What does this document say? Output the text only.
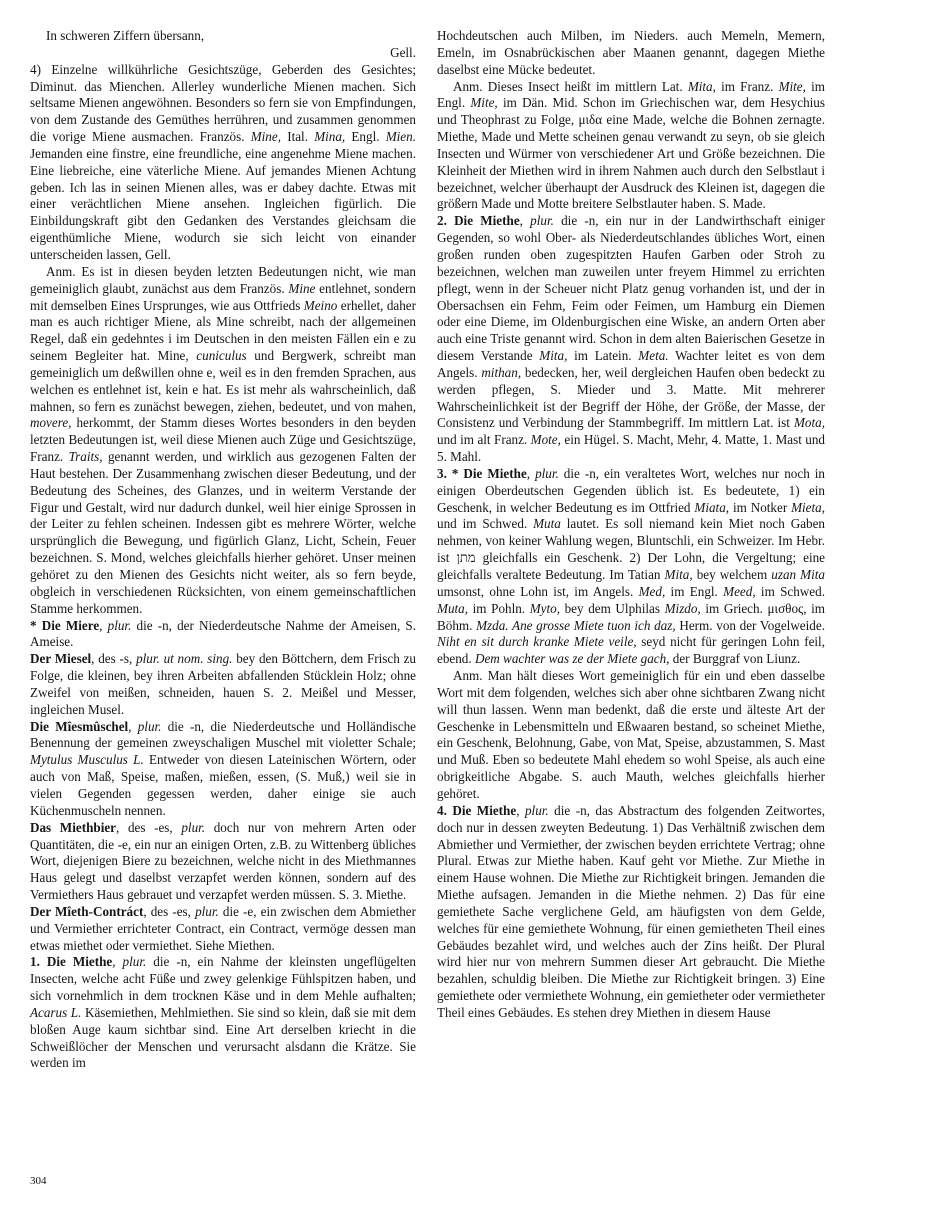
In schweren Ziffern übersann,

Gell.

4) Einzelne willkührliche Gesichtszüge, Geberden des Gesichtes; Diminut. das Mienchen. Allerley wunderliche Mienen machen. Sich seltsame Mienen angewöhnen. Besonders so fern sie von Empfindungen, von dem Zustande des Gemüthes herrühren, und zusammen genommen die vorige Miene ausmachen. Französ. Mine, Ital. Mina, Engl. Mien. Jemanden eine finstre, eine freundliche, eine angenehme Miene machen. Eine liebreiche, eine väterliche Miene. Auf jemandes Mienen Achtung geben. Ich las in seinen Mienen alles, was er dabey dachte. Etwas mit einer verächtlichen Miene ansehen. Ingleichen figürlich. Die Einbildungskraft gibt den Gedanken des Verstandes gleichsam die eigenthümliche Miene, wodurch sie sich leicht von einander unterscheiden lassen, Gell.

Anm. Es ist in diesen beyden letzten Bedeutungen nicht, wie man gemeiniglich glaubt, zunächst aus dem Französ. Mine entlehnet, sondern mit demselben Eines Ursprunges, wie aus Ottfrieds Meino erhellet, daher man es auch richtiger Miene, als Mine schreibt, nach der allgemeinen Regel, daß ein gedehntes i im Deutschen in den meisten Fällen ein e zu seinem Begleiter hat. Mine, cuniculus und Bergwerk, schreibt man gemeiniglich um deßwillen ohne e, weil es in den fremden Sprachen, aus welchen es entlehnet ist, kein e hat. Es ist mehr als wahrscheinlich, daß mahnen, so fern es zunächst bewegen, ziehen, bedeutet, und von mahen, movere, herkommt, der Stamm dieses Wortes besonders in den beyden letzten Bedeutungen ist, weil diese Mienen auch Züge und Gesichtszüge, Franz. Traits, genannt werden, und wirklich aus gezogenen Falten der Haut bestehen. Der Zusammenhang zwischen dieser Bedeutung, und der Bedeutung des Scheines, des Glanzes, und in weiterm Verstande der Figur und Gestalt, wird nur dadurch dunkel, weil hier einige Sprossen in der Leiter zu fehlen scheinen. Indessen gibt es mehrere Wörter, welche ursprünglich die Bewegung, und figürlich Glanz, Licht, Schein, Feuer bezeichnen. S. Mond, welches gleichfalls hierher gehöret. Unser meinen gehöret zu den Mienen des Gesichts nicht weiter, als so fern beyde, obgleich in verschiedenen Rücksichten, von einem gemeinschaftlichen Stamme herkommen.

* Die Miere, plur. die -n, der Niederdeutsche Nahme der Ameisen, S. Ameise.

Der Miesel, des -s, plur. ut nom. sing. bey den Böttchern, dem Frisch zu Folge, die kleinen, bey ihren Arbeiten abfallenden Stücklein Holz; ohne Zweifel von meißen, schneiden, hauen S. 2. Meißel und Messer, ingleichen Musel.

Die Mîesmûschel, plur. die -n, die Niederdeutsche und Holländische Benennung der gemeinen zweyschaligen Muschel mit violetter Schale; Mytulus Musculus L. Entweder von diesen Lateinischen Wörtern, oder auch von Maß, Speise, maßen, mießen, essen, (S. Muß,) weil sie in vielen Gegenden gegessen werden, daher einige sie auch Küchenmuscheln nennen.

Das Miethbier, des -es, plur. doch nur von mehrern Arten oder Quantitäten, die -e, ein nur an einigen Orten, z.B. zu Wittenberg übliches Wort, diejenigen Biere zu bezeichnen, welche nicht in des Miethmannes Haus gelegt und daselbst verzapfet werden können, sondern auf des Vermiethers Haus gebrauet und verzapfet werden müssen. S. 3. Miethe.

Der Mîeth-Contráct, des -es, plur. die -e, ein zwischen dem Abmiether und Vermiether errichteter Contract, ein Contract, vermöge dessen man etwas miethet oder vermiethet. Siehe Miethen.

1. Die Miethe, plur. die -n, ein Nahme der kleinsten ungeflügelten Insecten, welche acht Füße und zwey gelenkige Fühlspitzen haben, und sich vornehmlich in dem trocknen Käse und in dem Mehle aufhalten; Acarus L. Käsemiethen, Mehlmiethen. Sie sind so klein, daß sie mit dem bloßen Auge kaum sichtbar sind. Eine Art derselben kriecht in die Schweißlöcher der Menschen und verursacht alsdann die Krätze. Sie werden im

Hochdeutschen auch Milben, im Nieders. auch Memeln, Memern, Emeln, im Osnabrückischen aber Maanen genannt, dagegen Miethe daselbst eine Mücke bedeutet.

Anm. Dieses Insect heißt im mittlern Lat. Mita, im Franz. Mite, im Engl. Mite, im Dän. Mid. Schon im Griechischen war, dem Hesychius und Theophrast zu Folge, μιδα eine Made, welche die Bohnen zernagte. Miethe, Made und Mette scheinen genau verwandt zu seyn, ob sie gleich Insecten und Würmer von verschiedener Art und Größe bezeichnen. Die Kleinheit der Miethen wird in ihrem Nahmen auch durch den Selbstlaut i bezeichnet, welcher überhaupt der Ausdruck des Kleinen ist, dagegen die größern Made und Motte breitere Selbstlauter haben. S. Made.

2. Die Miethe, plur. die -n, ein nur in der Landwirthschaft einiger Gegenden, so wohl Ober- als Niederdeutschlandes übliches Wort, einen großen runden oben zugespitzten Haufen Garben oder Stroh zu bezeichnen, welchen man zuweilen unter freyem Himmel zu errichten pflegt, wenn in der Scheuer nicht Platz genug vorhanden ist, und der in Obersachsen ein Fehm, Feim oder Feimen, um Hamburg ein Diemen oder eine Dieme, im Oldenburgischen eine Wiske, an andern Orten aber auch eine Triste genannt wird. Schon in dem alten Baierischen Gesetze in diesem Verstande Mita, im Latein. Meta. Wachter leitet es von dem Angels. mithan, bedecken, her, weil dergleichen Haufen oben bedeckt zu werden pflegen, S. Mieder und 3. Matte. Mit mehrerer Wahrscheinlichkeit ist der Begriff der Höhe, der Größe, der Masse, der Consistenz und Verbindung der Stammbegriff. Im mittlern Lat. ist Mota, und im alt Franz. Mote, ein Hügel. S. Macht, Mehr, 4. Matte, 1. Mast und 5. Mahl.

3. * Die Miethe, plur. die -n, ein veraltetes Wort, welches nur noch in einigen Oberdeutschen Gegenden üblich ist. Es bedeutete, 1) ein Geschenk, in welcher Bedeutung es im Ottfried Miata, im Notker Mieta, und im Schwed. Muta lautet. Es soll niemand kein Miet noch Gaben nehmen, von keiner Wahlung wegen, Bluntschli, ein Schweizer. Im Hebr. ist מתן gleichfalls ein Geschenk. 2) Der Lohn, die Vergeltung; eine gleichfalls veraltete Bedeutung. Im Tatian Mita, bey welchem uzan Mita umsonst, ohne Lohn ist, im Angels. Med, im Engl. Meed, im Schwed. Muta, im Pohln. Myto, bey dem Ulphilas Mizdo, im Griech. μισθος, im Böhm. Mzda. Ane grosse Miete tuon ich daz, Herm. von der Vogelweide. Niht en sit durch kranke Miete veile, seyd nicht für geringen Lohn feil, ebend. Dem wachter was ze der Miete gach, der Burggraf von Liunz.

Anm. Man hält dieses Wort gemeiniglich für ein und eben dasselbe Wort mit dem folgenden, welches sich aber ohne sichtbaren Zwang nicht will thun lassen. Wenn man bedenkt, daß die erste und älteste Art der Geschenke in Lebensmitteln und Eßwaaren bestand, so scheinet Miethe, ein Geschenk, Belohnung, Gabe, von Mat, Speise, abzustammen, S. Mast und Muß. Eben so bedeutete Mahl ehedem so wohl Speise, als auch eine obrigkeitliche Abgabe. S. auch Mauth, welches gleichfalls hierher gehöret.

4. Die Miethe, plur. die -n, das Abstractum des folgenden Zeitwortes, doch nur in dessen zweyten Bedeutung. 1) Das Verhältniß zwischen dem Abmiether und Vermiether, der zwischen beyden errichtete Vertrag; ohne Plural. Etwas zur Miethe haben. Kauf geht vor Miethe. Zur Miethe in einem Hause wohnen. Die Miethe zur Richtigkeit bringen. Jemanden die Miethe aufsagen. Jemanden in die Miethe nehmen. 2) Das für eine gemiethete Sache verglichene Geld, am häufigsten von dem Gelde, welches für eine gemiethete Wohnung, für einen gemietheten Theil eines Gebäudes bezahlet wird, und welches auch der Zins heißt. Der Plural wird hier nur von mehrern Summen dieser Art gebraucht. Die Miethe bezahlen, schuldig bleiben. Die Miethe zur Richtigkeit bringen. 3) Eine gemiethete oder vermiethete Wohnung, ein gemietheter oder vermietheter Theil eines Gebäudes. Es stehen drey Miethen in diesem Hause

304
